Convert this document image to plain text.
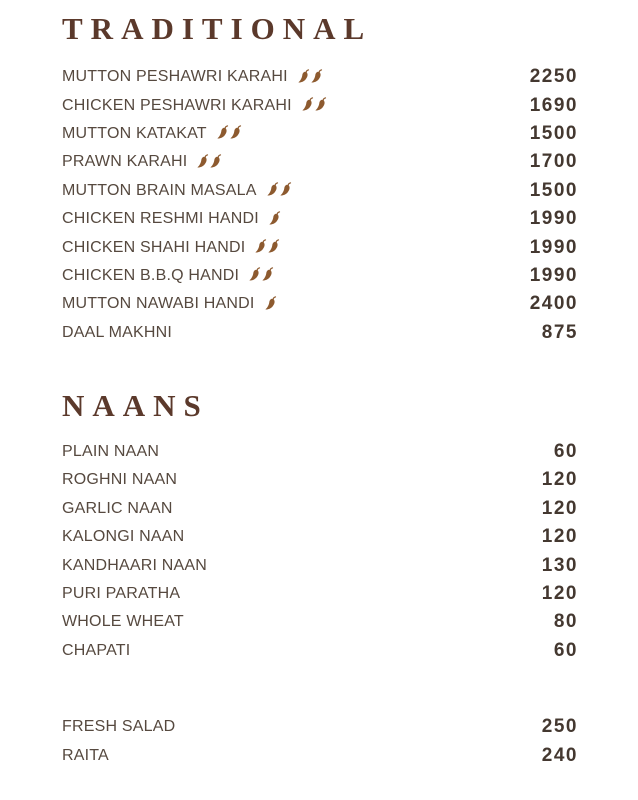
TRADITIONAL
MUTTON PESHAWRI KARAHI	2250
CHICKEN PESHAWRI KARAHI	1690
MUTTON KATAKAT	1500
PRAWN KARAHI	1700
MUTTON BRAIN MASALA	1500
CHICKEN RESHMI HANDI	1990
CHICKEN SHAHI HANDI	1990
CHICKEN B.B.Q HANDI	1990
MUTTON NAWABI HANDI	2400
DAAL MAKHNI	875
NAANS
PLAIN NAAN	60
ROGHNI NAAN	120
GARLIC NAAN	120
KALONGI NAAN	120
KANDHAARI NAAN	130
PURI PARATHA	120
WHOLE WHEAT	80
CHAPATI	60
FRESH SALAD	250
RAITA	240
